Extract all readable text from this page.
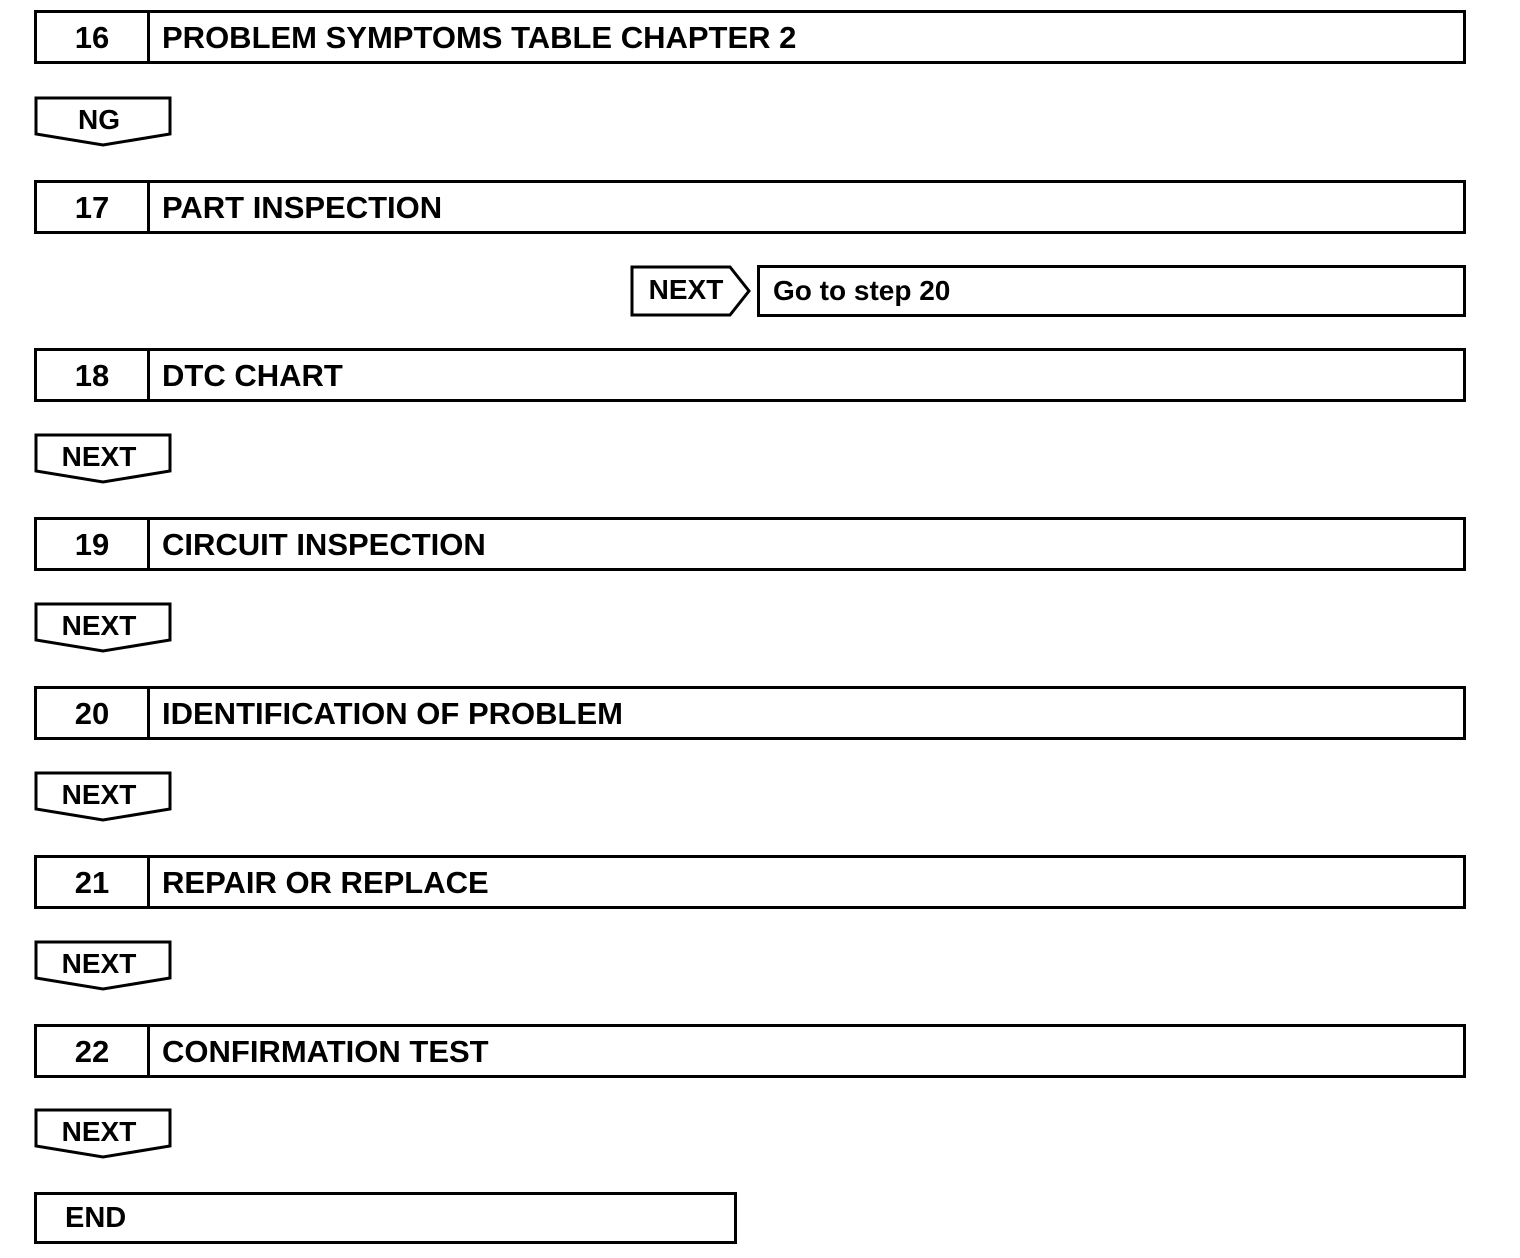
16	PROBLEM SYMPTOMS TABLE CHAPTER 2
NG
17	PART INSPECTION
NEXT	Go to step 20
18	DTC CHART
NEXT
19	CIRCUIT INSPECTION
NEXT
20	IDENTIFICATION OF PROBLEM
NEXT
21	REPAIR OR REPLACE
NEXT
22	CONFIRMATION TEST
NEXT
END
